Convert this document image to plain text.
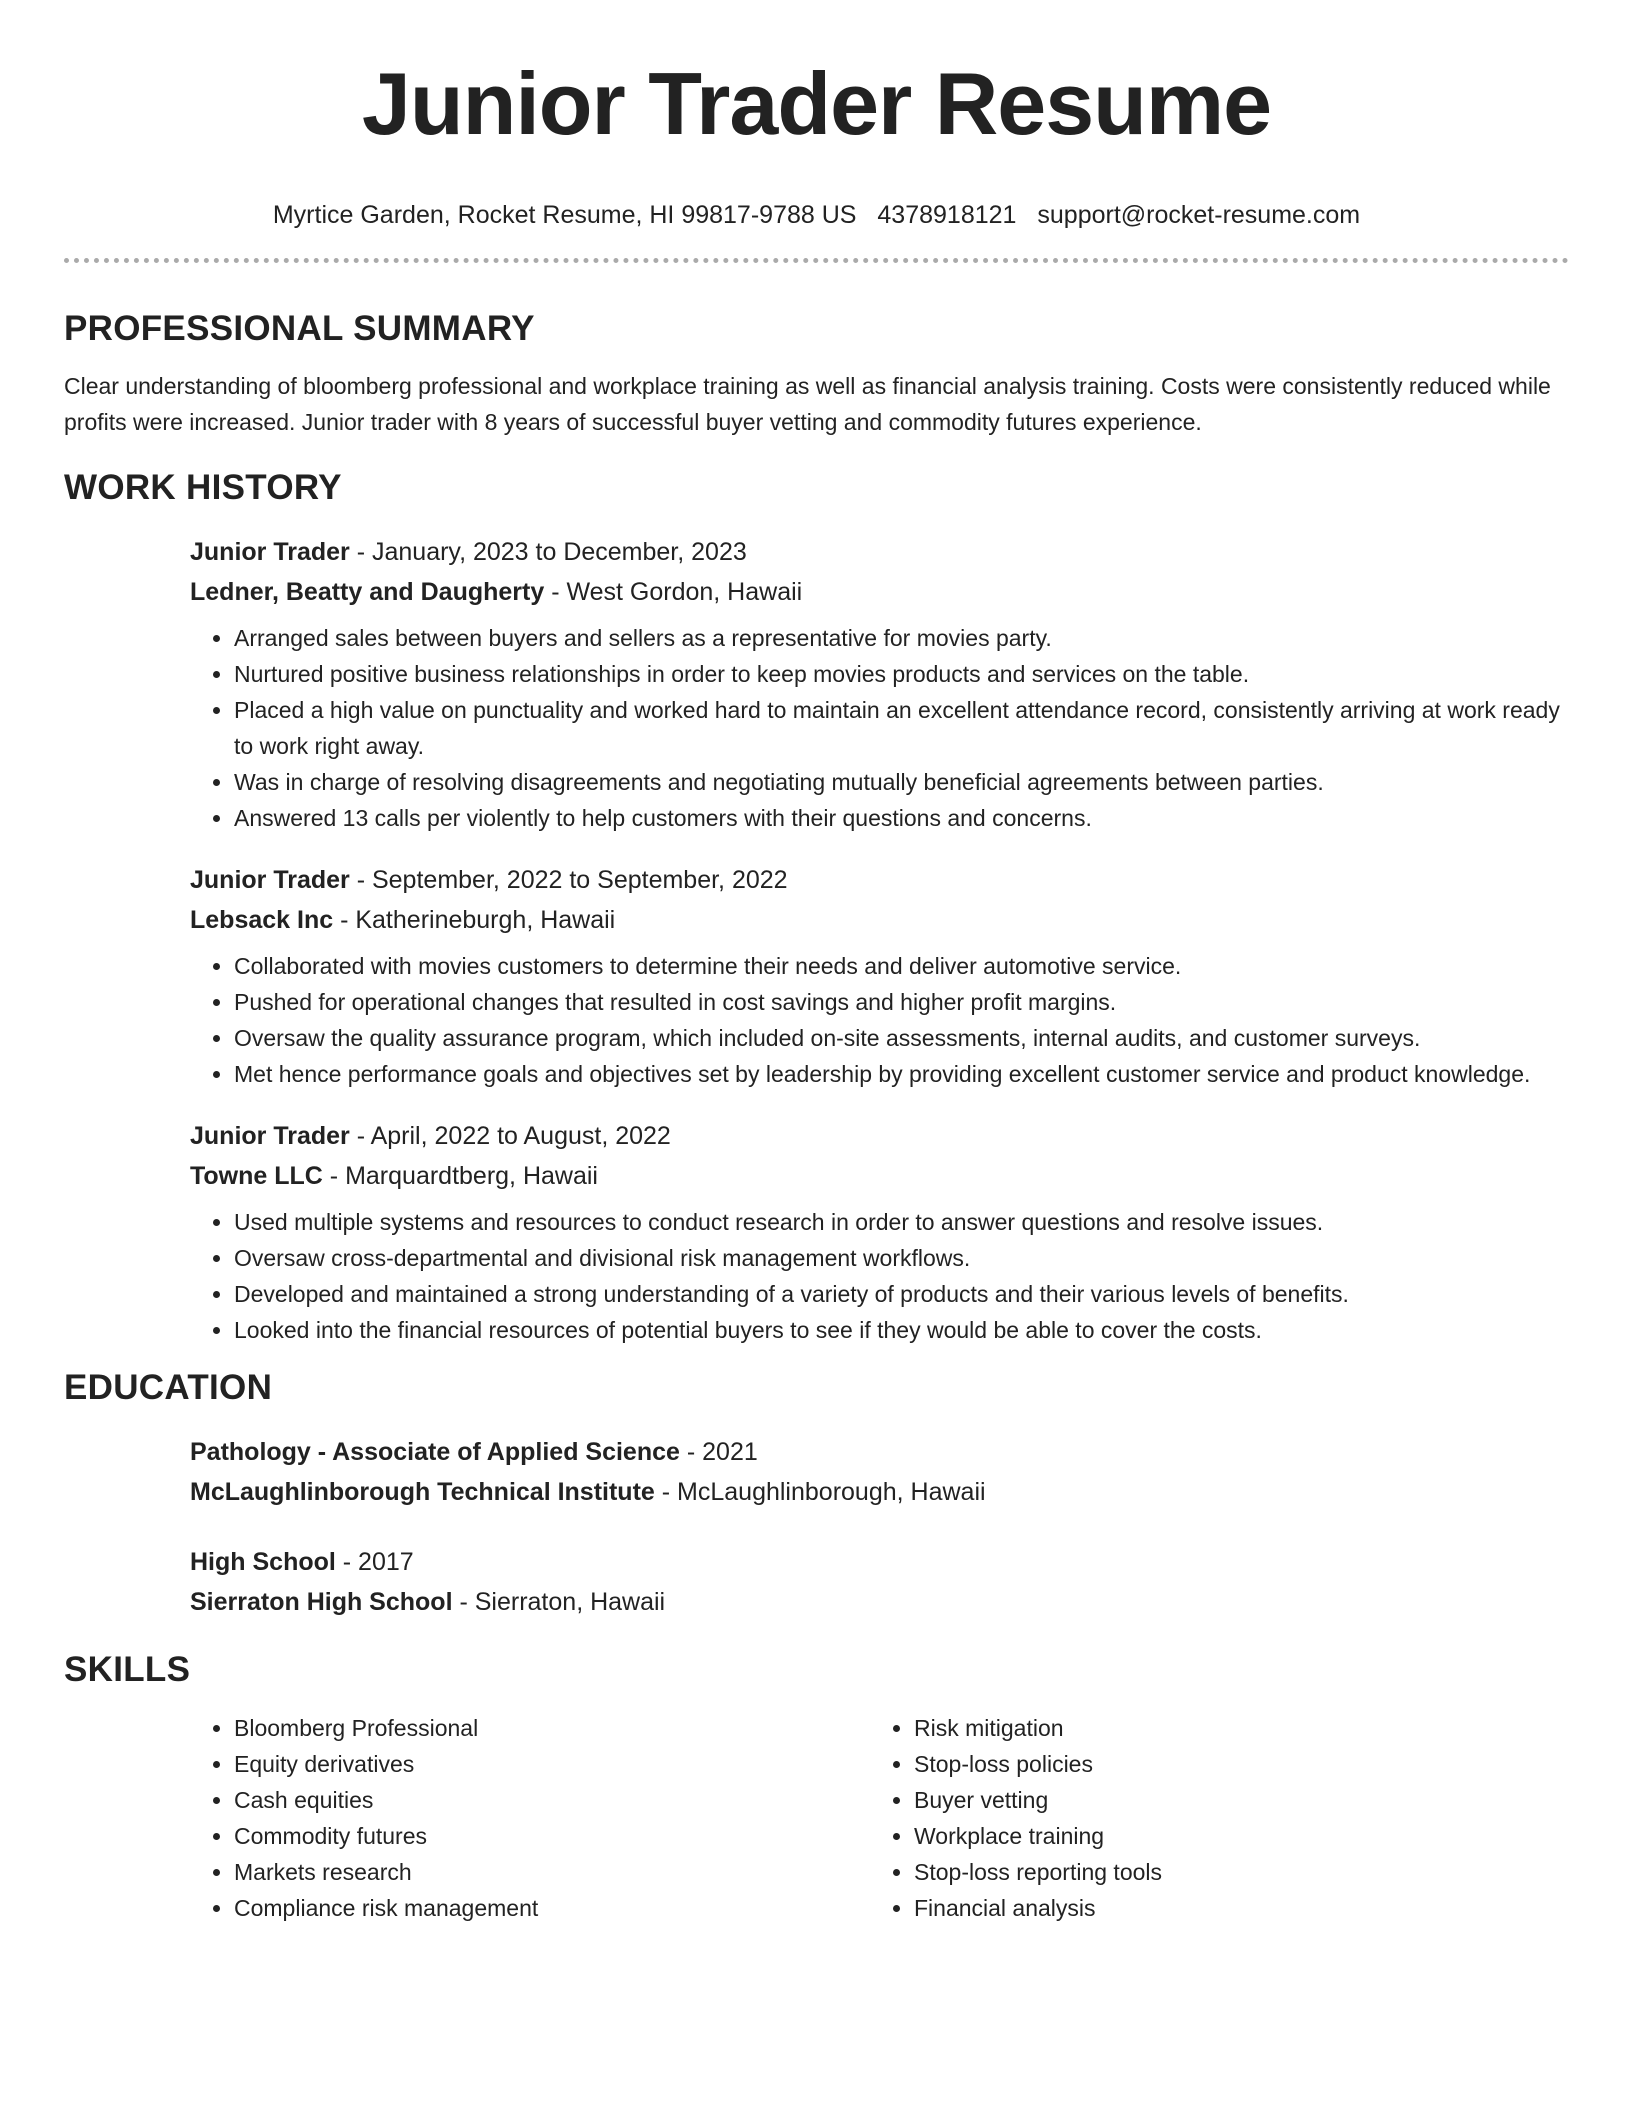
Junior Trader Resume
Myrtice Garden, Rocket Resume, HI 99817-9788 US 4378918121 support@rocket-resume.com
PROFESSIONAL SUMMARY

Clear understanding of bloomberg professional and workplace training as well as financial analysis training. Costs were consistently reduced while profits were increased. Junior trader with 8 years of successful buyer vetting and commodity futures experience.

WORK HISTORY

Junior Trader - January, 2023 to December, 2023

Ledner, Beatty and Daugherty - West Gordon, Hawaii

• Arranged sales between buyers and sellers as a representative for movies party.
• Nurtured positive business relationships in order to keep movies products and services on the table.
• Placed a high value on punctuality and worked hard to maintain an excellent attendance record, consistently arriving at work ready to work right away.
• Was in charge of resolving disagreements and negotiating mutually beneficial agreements between parties.
• Answered 13 calls per violently to help customers with their questions and concerns.

Junior Trader - September, 2022 to September, 2022

Lebsack Inc - Katherineburgh, Hawaii

• Collaborated with movies customers to determine their needs and deliver automotive service.
• Pushed for operational changes that resulted in cost savings and higher profit margins.
• Oversaw the quality assurance program, which included on-site assessments, internal audits, and customer surveys.
• Met hence performance goals and objectives set by leadership by providing excellent customer service and product knowledge.

Junior Trader - April, 2022 to August, 2022

Towne LLC - Marquardtberg, Hawaii

• Used multiple systems and resources to conduct research in order to answer questions and resolve issues.
• Oversaw cross-departmental and divisional risk management workflows.
• Developed and maintained a strong understanding of a variety of products and their various levels of benefits.
• Looked into the financial resources of potential buyers to see if they would be able to cover the costs.
EDUCATION

Pathology - Associate of Applied Science - 2021

McLaughlinborough Technical Institute - McLaughlinborough, Hawaii

High School - 2017

Sierraton High School - Sierraton, Hawaii

SKILLS
• Bloomberg Professional
• Equity derivatives
• Cash equities
• Commodity futures
• Markets research
• Compliance risk management
• Risk mitigation
• Stop-loss policies
• Buyer vetting
• Workplace training
• Stop-loss reporting tools
• Financial analysis
